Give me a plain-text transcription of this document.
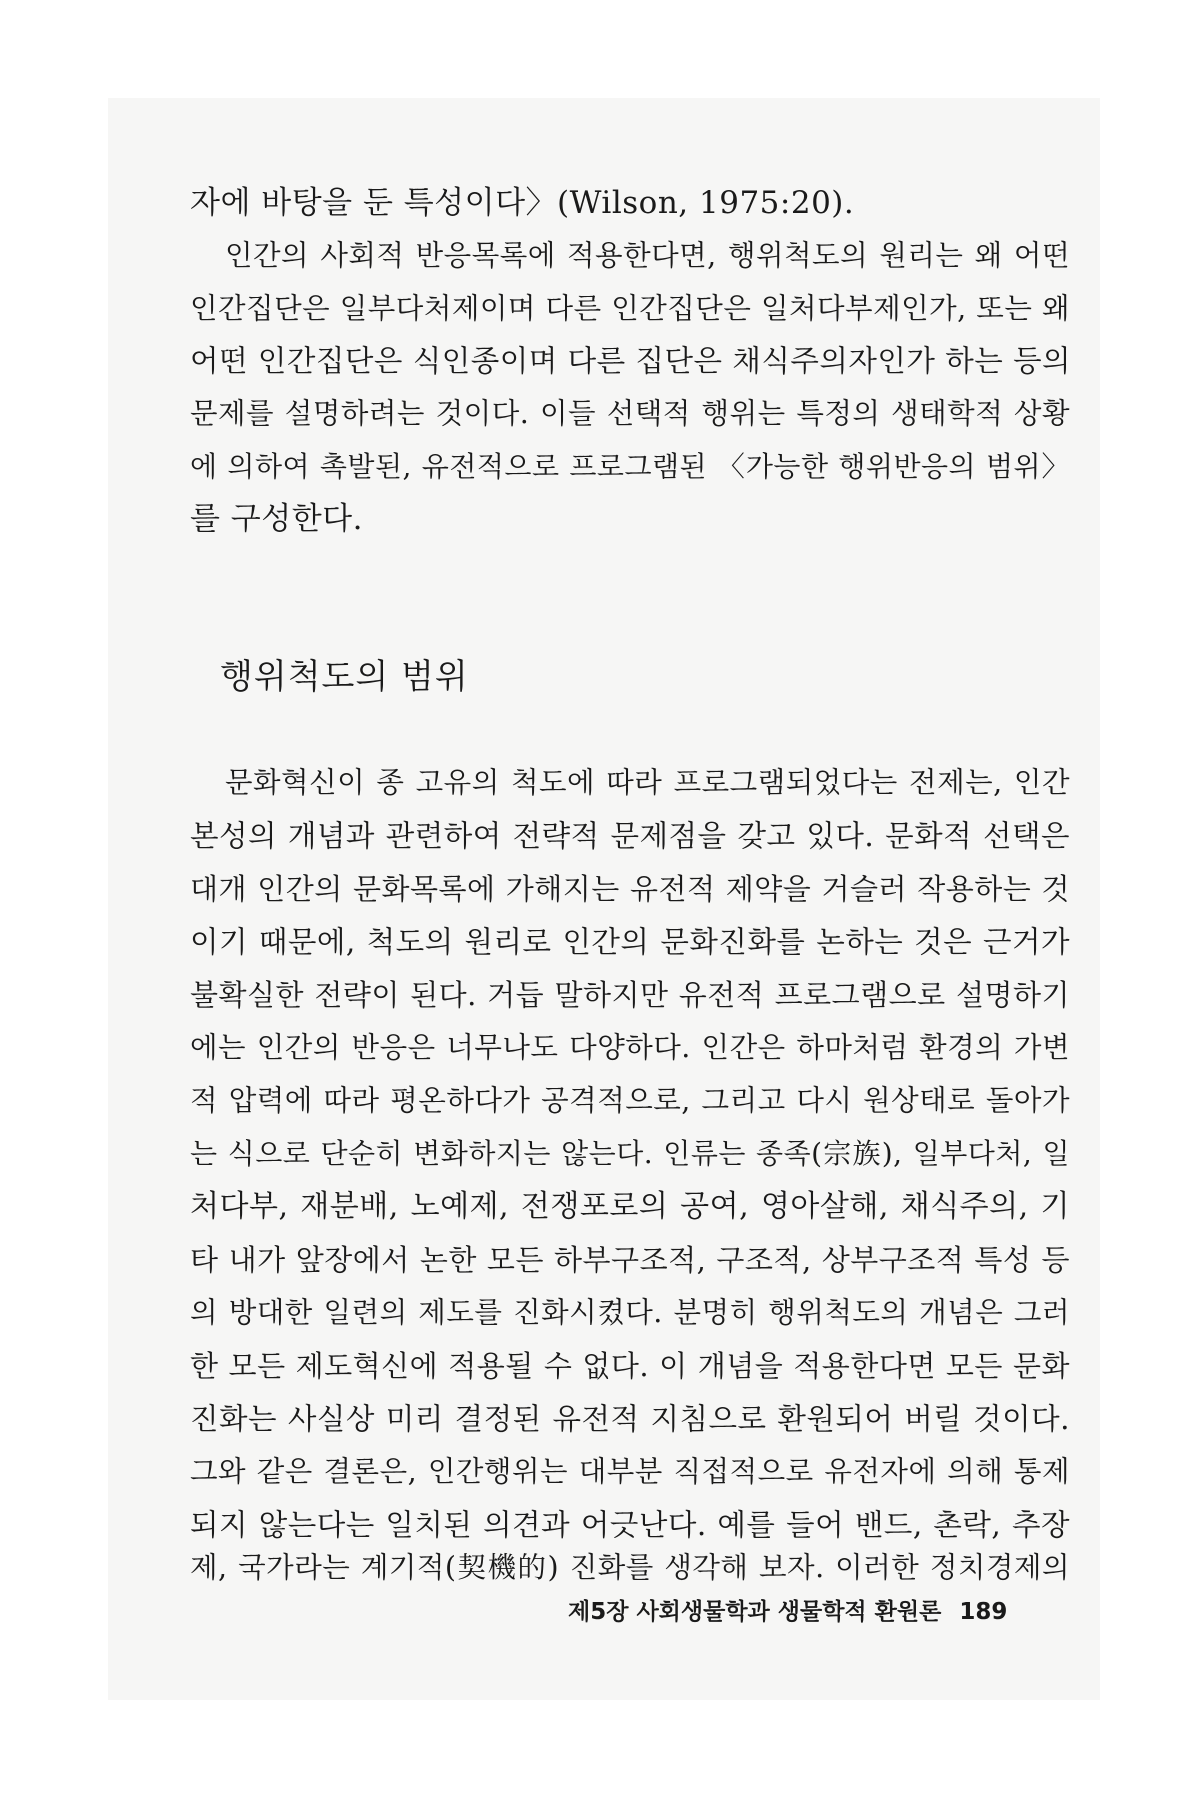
자에 바탕을 둔 특성이다〉(Wilson, 1975:20).
인간의 사회적 반응목록에 적용한다면, 행위척도의 원리는 왜 어떤
인간집단은 일부다처제이며 다른 인간집단은 일처다부제인가, 또는 왜
어떤 인간집단은 식인종이며 다른 집단은 채식주의자인가 하는 등의
문제를 설명하려는 것이다. 이들 선택적 행위는 특정의 생태학적 상황
에 의하여 촉발된, 유전적으로 프로그램된 〈가능한 행위반응의 범위〉
를 구성한다.
행위척도의 범위
문화혁신이 종 고유의 척도에 따라 프로그램되었다는 전제는, 인간
본성의 개념과 관련하여 전략적 문제점을 갖고 있다. 문화적 선택은
대개 인간의 문화목록에 가해지는 유전적 제약을 거슬러 작용하는 것
이기 때문에, 척도의 원리로 인간의 문화진화를 논하는 것은 근거가
불확실한 전략이 된다. 거듭 말하지만 유전적 프로그램으로 설명하기
에는 인간의 반응은 너무나도 다양하다. 인간은 하마처럼 환경의 가변
적 압력에 따라 평온하다가 공격적으로, 그리고 다시 원상태로 돌아가
는 식으로 단순히 변화하지는 않는다. 인류는 종족(宗族), 일부다처, 일
처다부, 재분배, 노예제, 전쟁포로의 공여, 영아살해, 채식주의, 기
타 내가 앞장에서 논한 모든 하부구조적, 구조적, 상부구조적 특성 등
의 방대한 일련의 제도를 진화시켰다. 분명히 행위척도의 개념은 그러
한 모든 제도혁신에 적용될 수 없다. 이 개념을 적용한다면 모든 문화
진화는 사실상 미리 결정된 유전적 지침으로 환원되어 버릴 것이다.
그와 같은 결론은, 인간행위는 대부분 직접적으로 유전자에 의해 통제
되지 않는다는 일치된 의견과 어긋난다. 예를 들어 밴드, 촌락, 추장
제, 국가라는 계기적(契機的) 진화를 생각해 보자. 이러한 정치경제의
제5장 사회생물학과 생물학적 환원론 189
